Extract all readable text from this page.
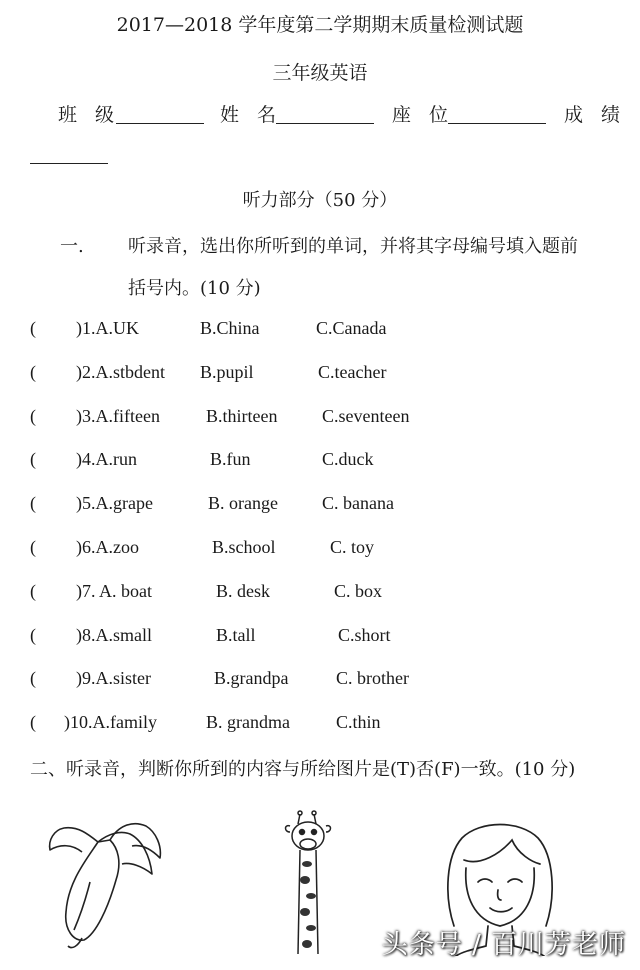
2017—2018 学年度第二学期期末质量检测试题
三年级英语
班 级	姓 名	座 位	成 绩
听力部分（50 分）
一. 听录音，选出你所听到的单词，并将其字母编号填入题前
括号内。(10 分)
( )1.A.UK	B.China	C.Canada
( )2.A.stbdent B.pupil	C.teacher
( )3.A.fifteen	B.thirteen C.seventeen
( )4.A.run	B.fun	C.duck
( )5.A.grape	B. orange C. banana
( )6.A.zoo	B.school	C. toy
( )7. A. boat	B. desk	C. box
( )8.A.small	B.tall	C.short
( )9.A.sister	B.grandpa	C. brother
( )10.A.family	B. grandma	C.thin
二、听录音，判断你所到的内容与所给图片是(T)否(F)一致。(10 分)
头条号 / 百川芳老师
